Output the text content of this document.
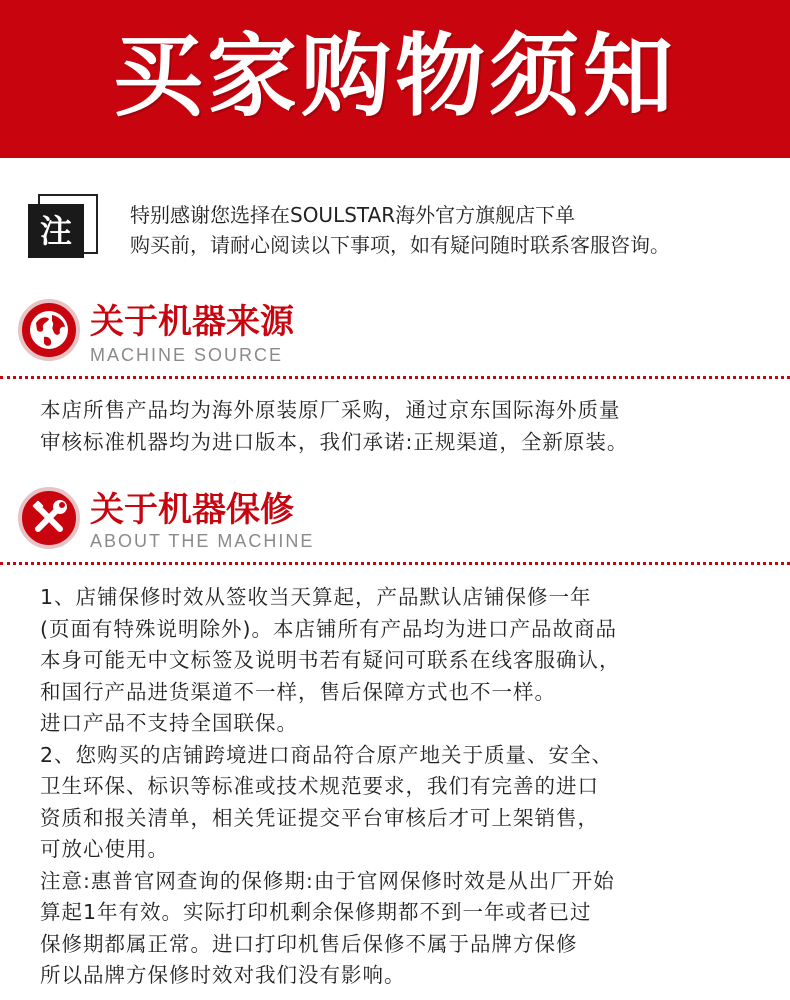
买家购物须知
注	特别感谢您选择在SOULSTAR海外官方旗舰店下单
购买前，请耐心阅读以下事项，如有疑问随时联系客服咨询。
关于机器来源
MACHINE SOURCE
本店所售产品均为海外原装原厂采购，通过京东国际海外质量
审核标准机器均为进口版本，我们承诺:正规渠道，全新原装。
关于机器保修
ABOUT THE MACHINE
1、店铺保修时效从签收当天算起，产品默认店铺保修一年
(页面有特殊说明除外)。本店铺所有产品均为进口产品故商品
本身可能无中文标签及说明书若有疑问可联系在线客服确认，
和国行产品进货渠道不一样，售后保障方式也不一样。
进口产品不支持全国联保。
2、您购买的店铺跨境进口商品符合原产地关于质量、安全、
卫生环保、标识等标准或技术规范要求，我们有完善的进口
资质和报关清单，相关凭证提交平台审核后才可上架销售，
可放心使用。
注意:惠普官网查询的保修期:由于官网保修时效是从出厂开始
算起1年有效。实际打印机剩余保修期都不到一年或者已过
保修期都属正常。进口打印机售后保修不属于品牌方保修
所以品牌方保修时效对我们没有影响。
